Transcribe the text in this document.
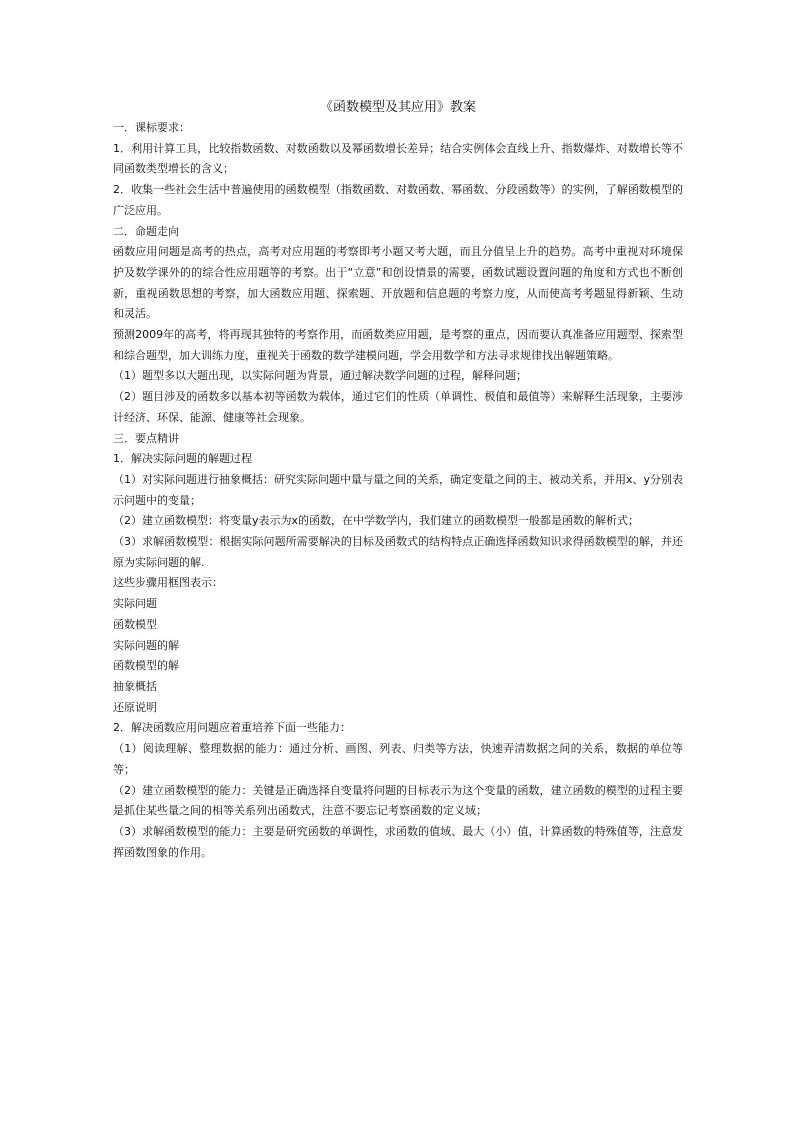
《函数模型及其应用》教案

一．课标要求：

1．利用计算工具，比较指数函数、对数函数以及幂函数增长差异；结合实例体会直线上升、指数爆炸、对数增长等不同函数类型增长的含义；

2．收集一些社会生活中普遍使用的函数模型（指数函数、对数函数、幂函数、分段函数等）的实例，了解函数模型的广泛应用。

二．命题走向

函数应用问题是高考的热点，高考对应用题的考察即考小题又考大题，而且分值呈上升的趋势。高考中重视对环境保护及数学课外的的综合性应用题等的考察。出于“立意”和创设情景的需要，函数试题设置问题的角度和方式也不断创新，重视函数思想的考察，加大函数应用题、探索题、开放题和信息题的考察力度，从而使高考考题显得新颖、生动和灵活。

预测2009年的高考，将再现其独特的考察作用，而函数类应用题，是考察的重点，因而要认真准备应用题型、探索型和综合题型，加大训练力度，重视关于函数的数学建模问题，学会用数学和方法寻求规律找出解题策略。

（1）题型多以大题出现，以实际问题为背景，通过解决数学问题的过程，解释问题；

（2）题目涉及的函数多以基本初等函数为载体，通过它们的性质（单调性、极值和最值等）来解释生活现象，主要涉计经济、环保、能源、健康等社会现象。

三．要点精讲

1．解决实际问题的解题过程

（1）对实际问题进行抽象概括：研究实际问题中量与量之间的关系，确定变量之间的主、被动关系，并用x、y分别表示问题中的变量；

（2）建立函数模型：将变量y表示为x的函数，在中学数学内，我们建立的函数模型一般都是函数的解析式；

（3）求解函数模型：根据实际问题所需要解决的目标及函数式的结构特点正确选择函数知识求得函数模型的解，并还原为实际问题的解.

这些步骤用框图表示：

实际问题

函数模型

实际问题的解

函数模型的解

抽象概括

还原说明

2．解决函数应用问题应着重培养下面一些能力：

（1）阅读理解、整理数据的能力：通过分析、画图、列表、归类等方法，快速弄清数据之间的关系，数据的单位等等；

（2）建立函数模型的能力：关键是正确选择自变量将问题的目标表示为这个变量的函数，建立函数的模型的过程主要是抓住某些量之间的相等关系列出函数式，注意不要忘记考察函数的定义域；

（3）求解函数模型的能力：主要是研究函数的单调性，求函数的值域、最大（小）值，计算函数的特殊值等，注意发挥函数图象的作用。
